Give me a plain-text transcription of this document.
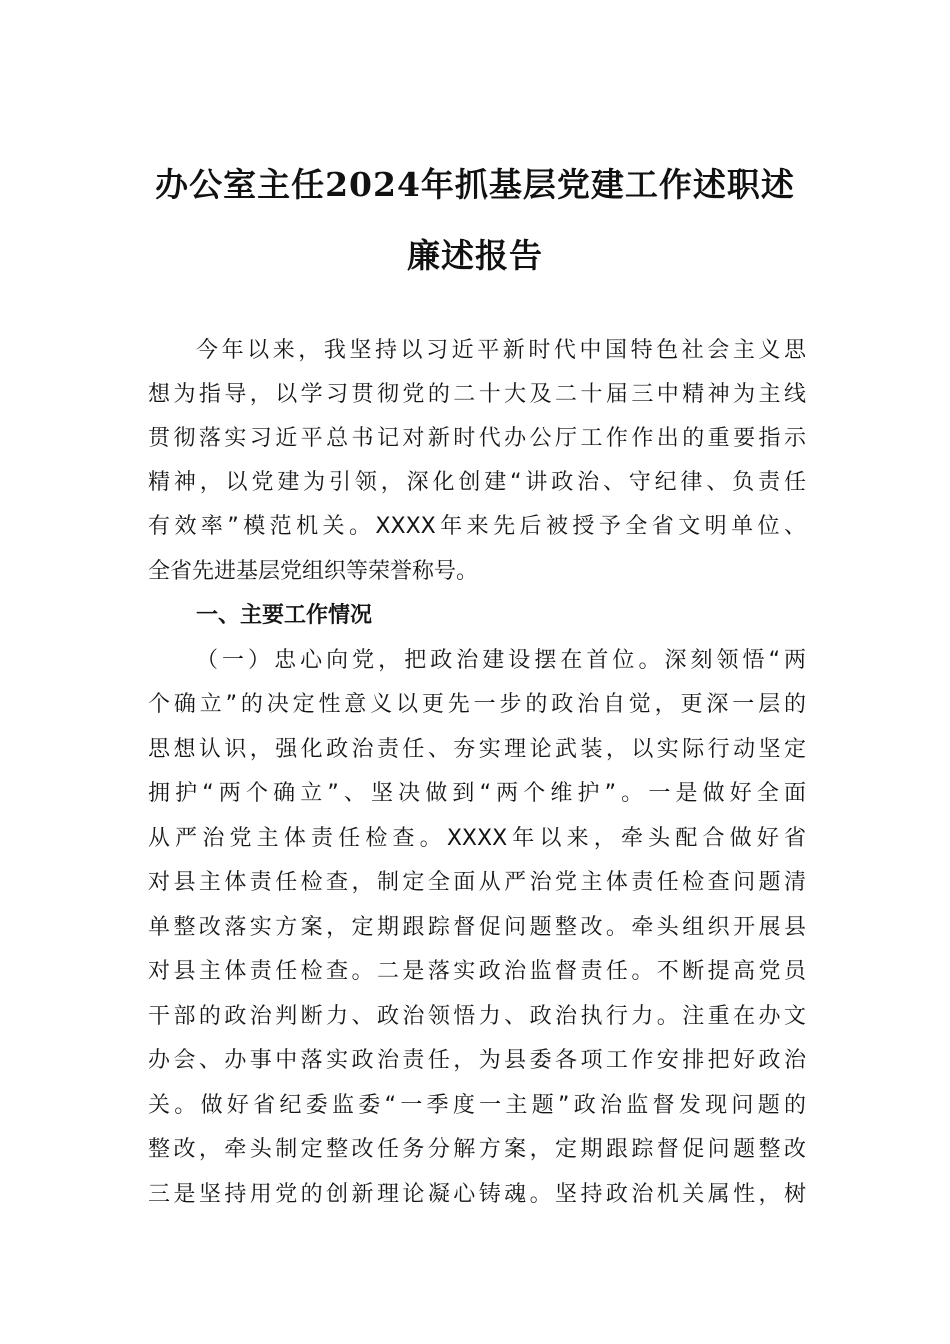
办公室主任2024年抓基层党建工作述职述
廉述报告
今年以来，我坚持以习近平新时代中国特色社会主义思
想为指导，以学习贯彻党的二十大及二十届三中精神为主线
贯彻落实习近平总书记对新时代办公厅工作作出的重要指示
精神，以党建为引领，深化创建“讲政治、守纪律、负责任
有效率”模范机关。XXXX年来先后被授予全省文明单位、
全省先进基层党组织等荣誉称号。
一、主要工作情况
（一）忠心向党，把政治建设摆在首位。深刻领悟“两
个确立”的决定性意义以更先一步的政治自觉，更深一层的
思想认识，强化政治责任、夯实理论武装，以实际行动坚定
拥护“两个确立”、坚决做到“两个维护”。一是做好全面
从严治党主体责任检查。XXXX年以来，牵头配合做好省
对县主体责任检查，制定全面从严治党主体责任检查问题清
单整改落实方案，定期跟踪督促问题整改。牵头组织开展县
对县主体责任检查。二是落实政治监督责任。不断提高党员
干部的政治判断力、政治领悟力、政治执行力。注重在办文
办会、办事中落实政治责任，为县委各项工作安排把好政治
关。做好省纪委监委“一季度一主题”政治监督发现问题的
整改，牵头制定整改任务分解方案，定期跟踪督促问题整改
三是坚持用党的创新理论凝心铸魂。坚持政治机关属性，树
